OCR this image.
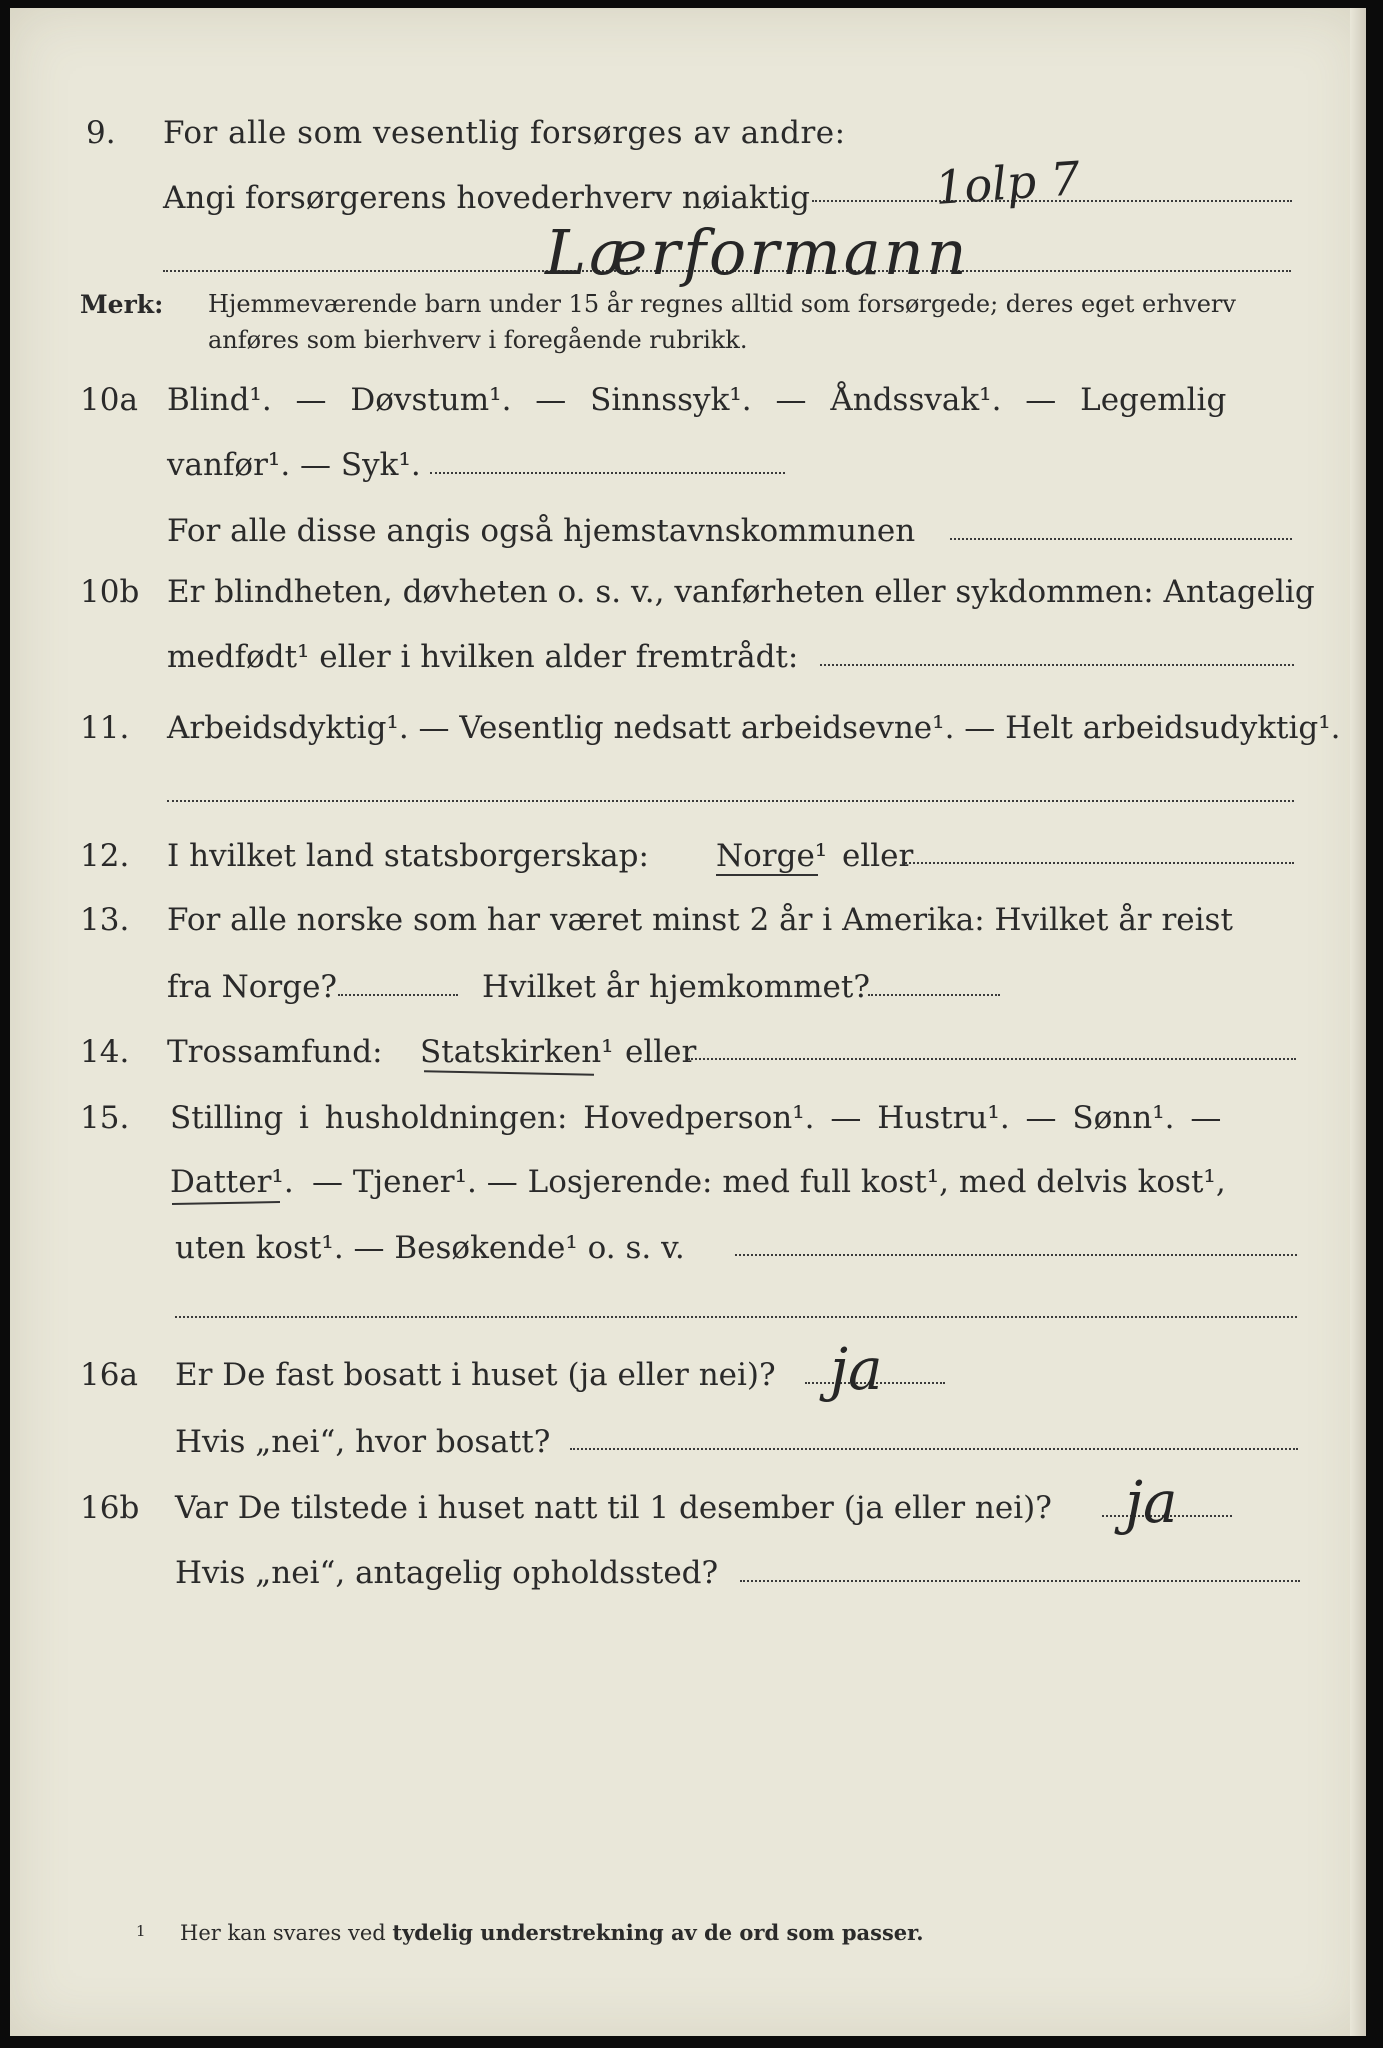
9. For alle som vesentlig forsørges av andre:
Angi forsørgerens hovederhverv nøiaktig	1olp 7
Lærformann
Merk: Hjemmeværende barn under 15 år regnes alltid som forsørgede; deres eget erhverv
anføres som bierhverv i foregående rubrikk.
10a Blind¹. — Døvstum¹. — Sinnssyk¹. — Åndssvak¹. — Legemlig
vanfør¹. — Syk¹.
For alle disse angis også hjemstavnskommunen
10b Er blindheten, døvheten o. s. v., vanførheten eller sykdommen: Antagelig
medfødt¹ eller i hvilken alder fremtrådt:
11. Arbeidsdyktig¹. — Vesentlig nedsatt arbeidsevne¹. — Helt arbeidsudyktig¹.
12. I hvilket land statsborgerskap: Norge¹ eller
13. For alle norske som har været minst 2 år i Amerika: Hvilket år reist
fra Norge?	Hvilket år hjemkommet?
14. Trossamfund: Statskirken¹ eller
15. Stilling i husholdningen: Hovedperson¹. — Hustru¹. — Sønn¹. —
Datter¹. — Tjener¹. — Losjerende: med full kost¹, med delvis kost¹,
uten kost¹. — Besøkende¹ o. s. v.
16a Er De fast bosatt i huset (ja eller nei)? ja
Hvis „nei“, hvor bosatt?
16b Var De tilstede i huset natt til 1 desember (ja eller nei)? ja
Hvis „nei“, antagelig opholdssted?
1 Her kan svares ved tydelig understrekning av de ord som passer.
